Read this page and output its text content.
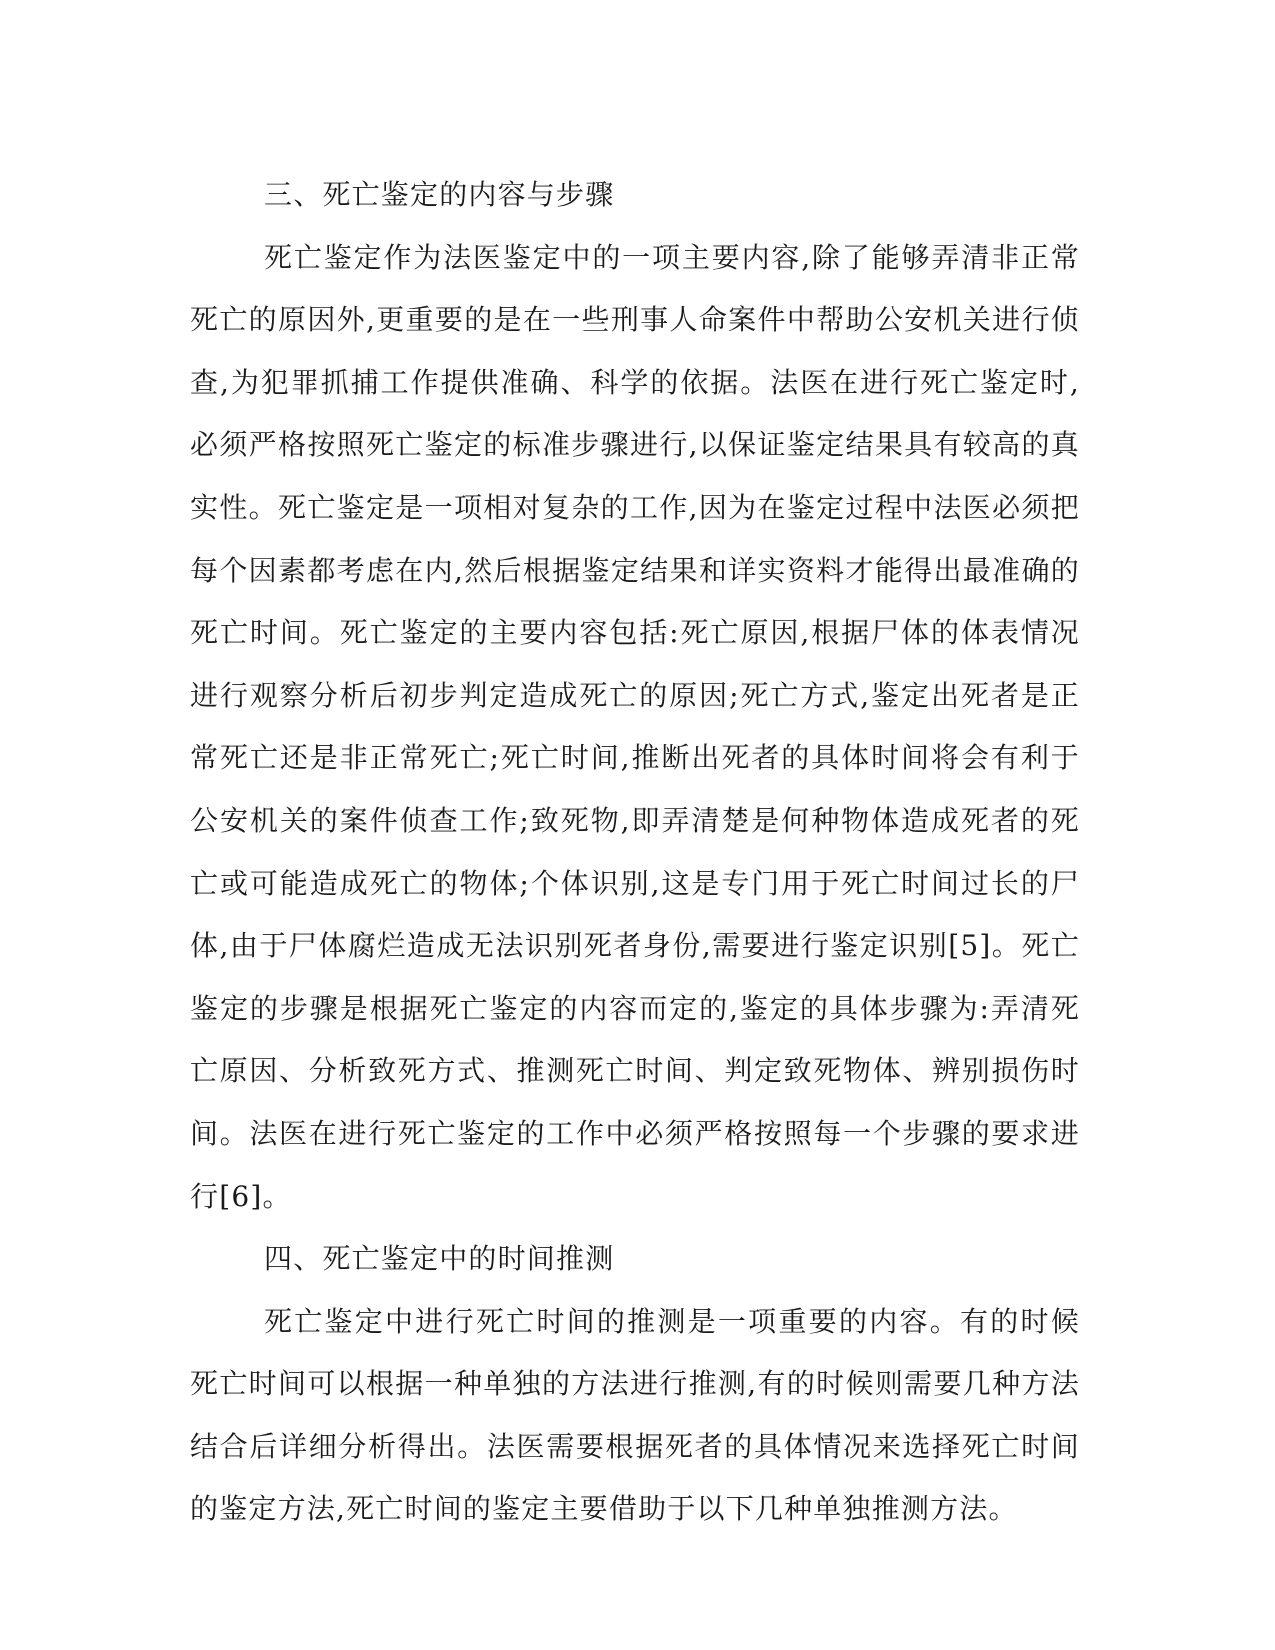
三、死亡鉴定的内容与步骤

死亡鉴定作为法医鉴定中的一项主要内容,除了能够弄清非正常死亡的原因外,更重要的是在一些刑事人命案件中帮助公安机关进行侦查,为犯罪抓捕工作提供准确、科学的依据。法医在进行死亡鉴定时,必须严格按照死亡鉴定的标准步骤进行,以保证鉴定结果具有较高的真实性。死亡鉴定是一项相对复杂的工作,因为在鉴定过程中法医必须把每个因素都考虑在内,然后根据鉴定结果和详实资料才能得出最准确的死亡时间。死亡鉴定的主要内容包括:死亡原因,根据尸体的体表情况进行观察分析后初步判定造成死亡的原因;死亡方式,鉴定出死者是正常死亡还是非正常死亡;死亡时间,推断出死者的具体时间将会有利于公安机关的案件侦查工作;致死物,即弄清楚是何种物体造成死者的死亡或可能造成死亡的物体;个体识别,这是专门用于死亡时间过长的尸体,由于尸体腐烂造成无法识别死者身份,需要进行鉴定识别[5]。死亡鉴定的步骤是根据死亡鉴定的内容而定的,鉴定的具体步骤为:弄清死亡原因、分析致死方式、推测死亡时间、判定致死物体、辨别损伤时间。法医在进行死亡鉴定的工作中必须严格按照每一个步骤的要求进行[6]。

四、死亡鉴定中的时间推测

死亡鉴定中进行死亡时间的推测是一项重要的内容。有的时候死亡时间可以根据一种单独的方法进行推测,有的时候则需要几种方法结合后详细分析得出。法医需要根据死者的具体情况来选择死亡时间的鉴定方法,死亡时间的鉴定主要借助于以下几种单独推测方法。
